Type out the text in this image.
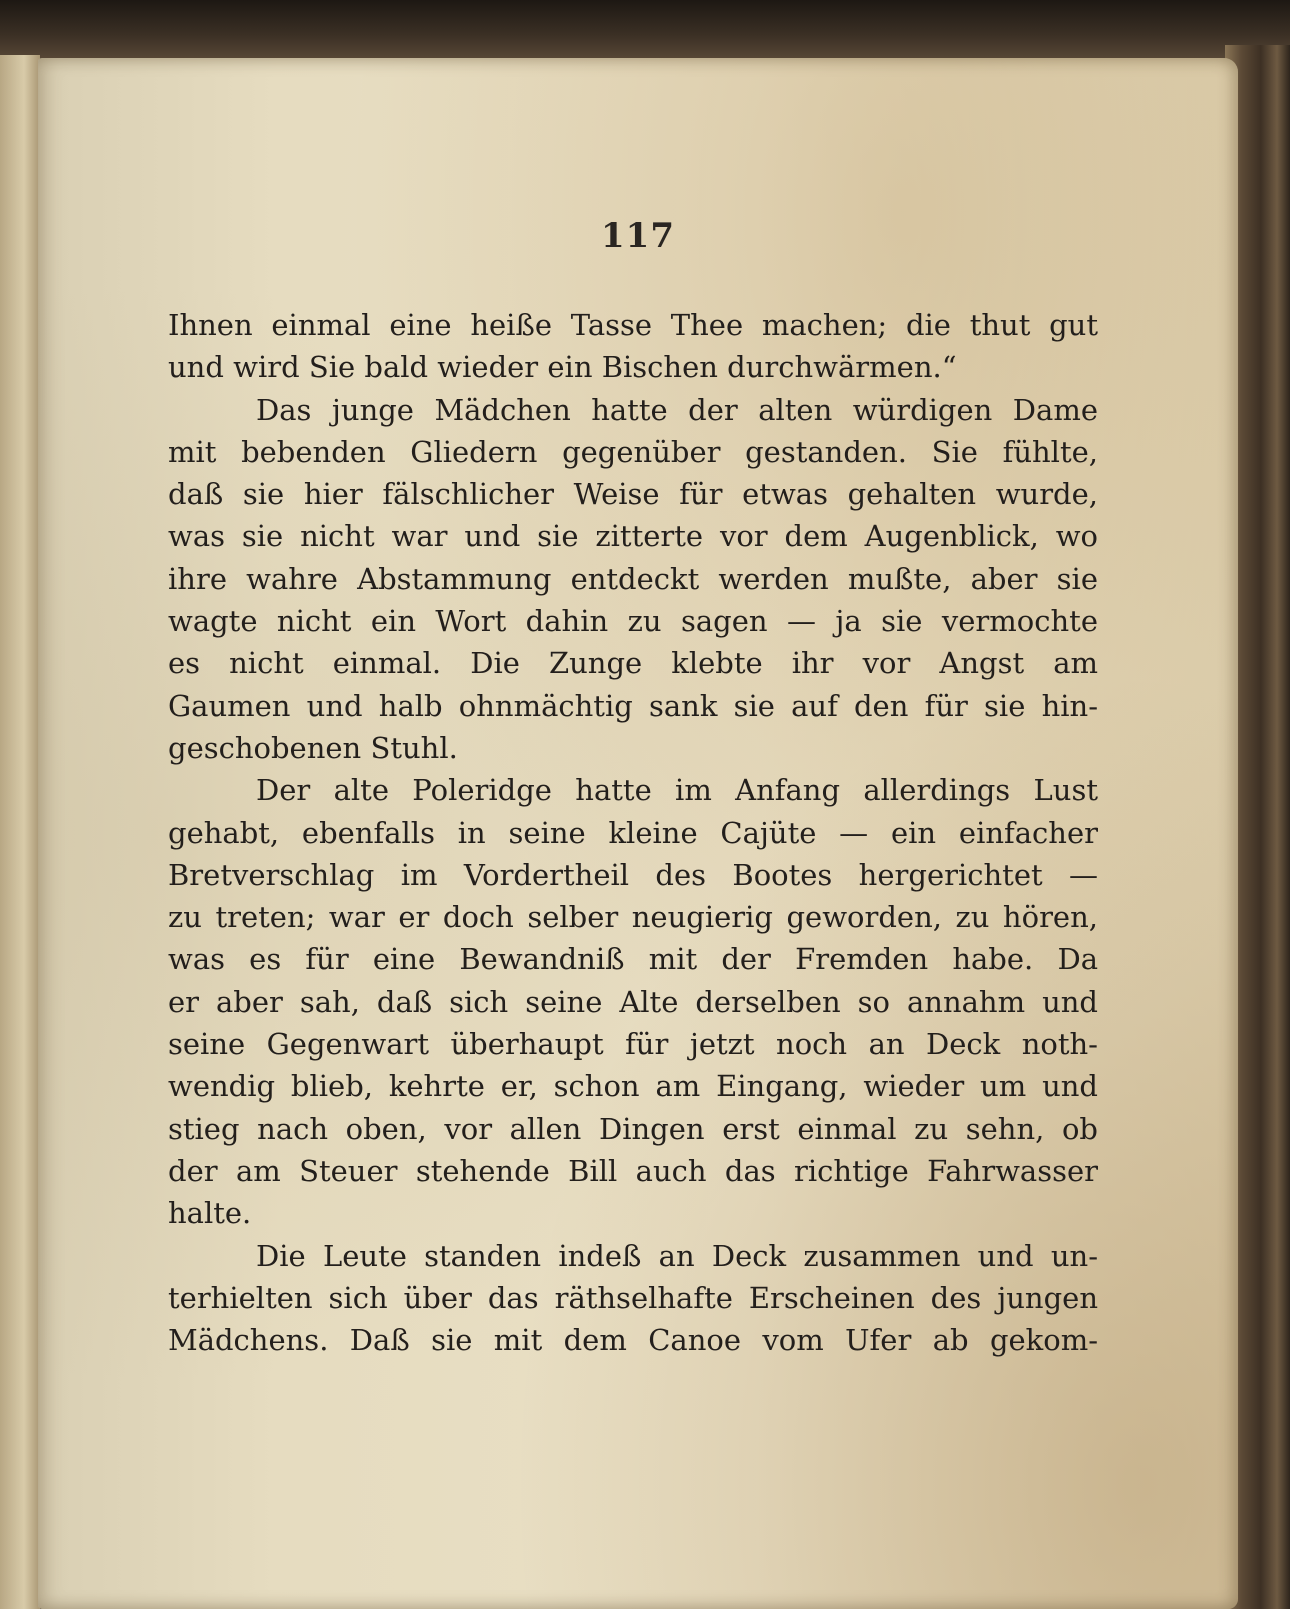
117
Ihnen einmal eine heiße Tasse Thee machen; die thut gut
und wird Sie bald wieder ein Bischen durchwärmen.“
Das junge Mädchen hatte der alten würdigen Dame
mit bebenden Gliedern gegenüber gestanden. Sie fühlte,
daß sie hier fälschlicher Weise für etwas gehalten wurde,
was sie nicht war und sie zitterte vor dem Augenblick, wo
ihre wahre Abstammung entdeckt werden mußte, aber sie
wagte nicht ein Wort dahin zu sagen — ja sie vermochte
es nicht einmal. Die Zunge klebte ihr vor Angst am
Gaumen und halb ohnmächtig sank sie auf den für sie hin-
geschobenen Stuhl.
Der alte Poleridge hatte im Anfang allerdings Lust
gehabt, ebenfalls in seine kleine Cajüte — ein einfacher
Bretverschlag im Vordertheil des Bootes hergerichtet —
zu treten; war er doch selber neugierig geworden, zu hören,
was es für eine Bewandniß mit der Fremden habe. Da
er aber sah, daß sich seine Alte derselben so annahm und
seine Gegenwart überhaupt für jetzt noch an Deck noth-
wendig blieb, kehrte er, schon am Eingang, wieder um und
stieg nach oben, vor allen Dingen erst einmal zu sehn, ob
der am Steuer stehende Bill auch das richtige Fahrwasser
halte.
Die Leute standen indeß an Deck zusammen und un-
terhielten sich über das räthselhafte Erscheinen des jungen
Mädchens. Daß sie mit dem Canoe vom Ufer ab gekom-
